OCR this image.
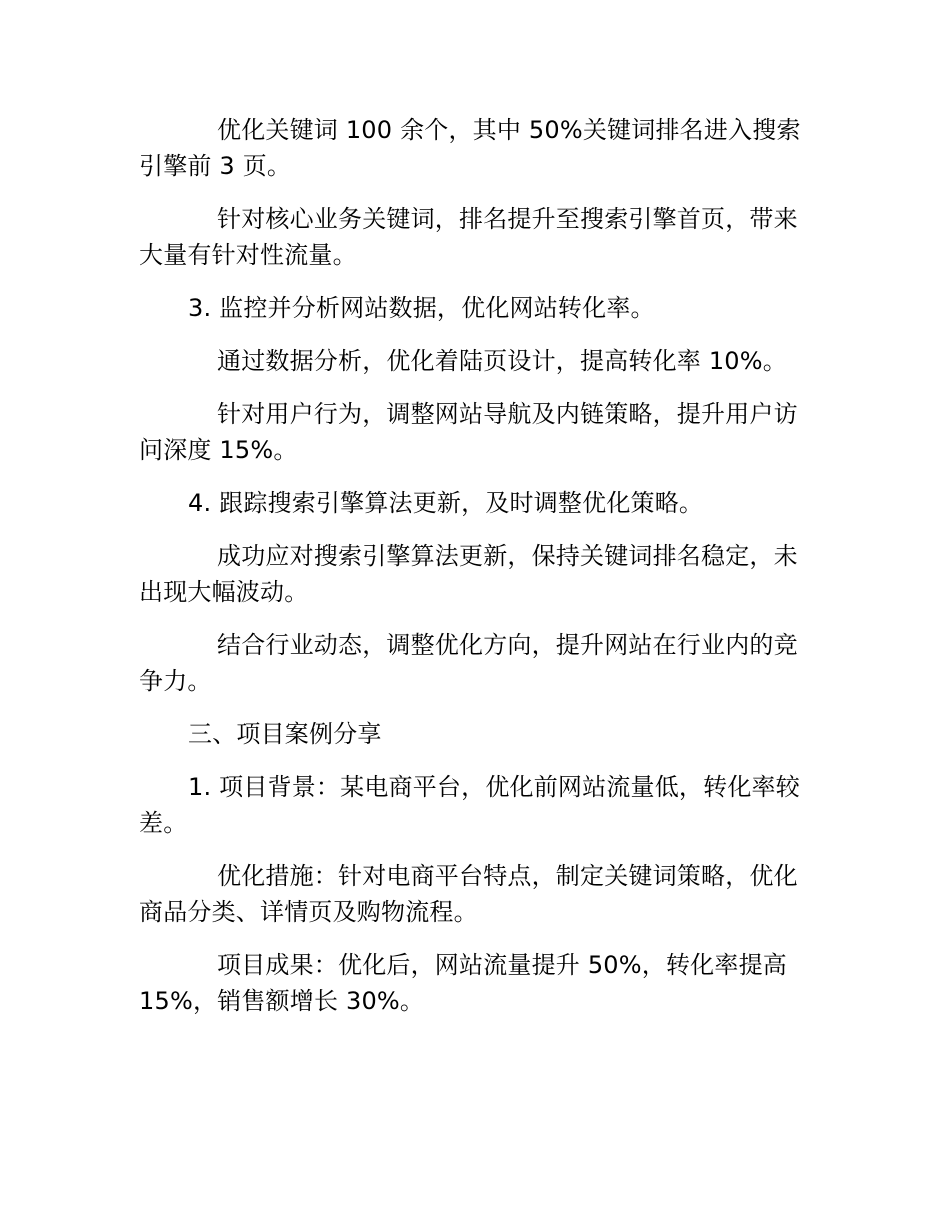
优化关键词 100 余个，其中 50%关键词排名进入搜索引擎前 3 页。

针对核心业务关键词，排名提升至搜索引擎首页，带来大量有针对性流量。

3. 监控并分析网站数据，优化网站转化率。

通过数据分析，优化着陆页设计，提高转化率 10%。

针对用户行为，调整网站导航及内链策略，提升用户访问深度 15%。

4. 跟踪搜索引擎算法更新，及时调整优化策略。

成功应对搜索引擎算法更新，保持关键词排名稳定，未出现大幅波动。

结合行业动态，调整优化方向，提升网站在行业内的竞争力。

三、项目案例分享

1. 项目背景：某电商平台，优化前网站流量低，转化率较差。

优化措施：针对电商平台特点，制定关键词策略，优化商品分类、详情页及购物流程。

项目成果：优化后，网站流量提升 50%，转化率提高 15%，销售额增长 30%。
